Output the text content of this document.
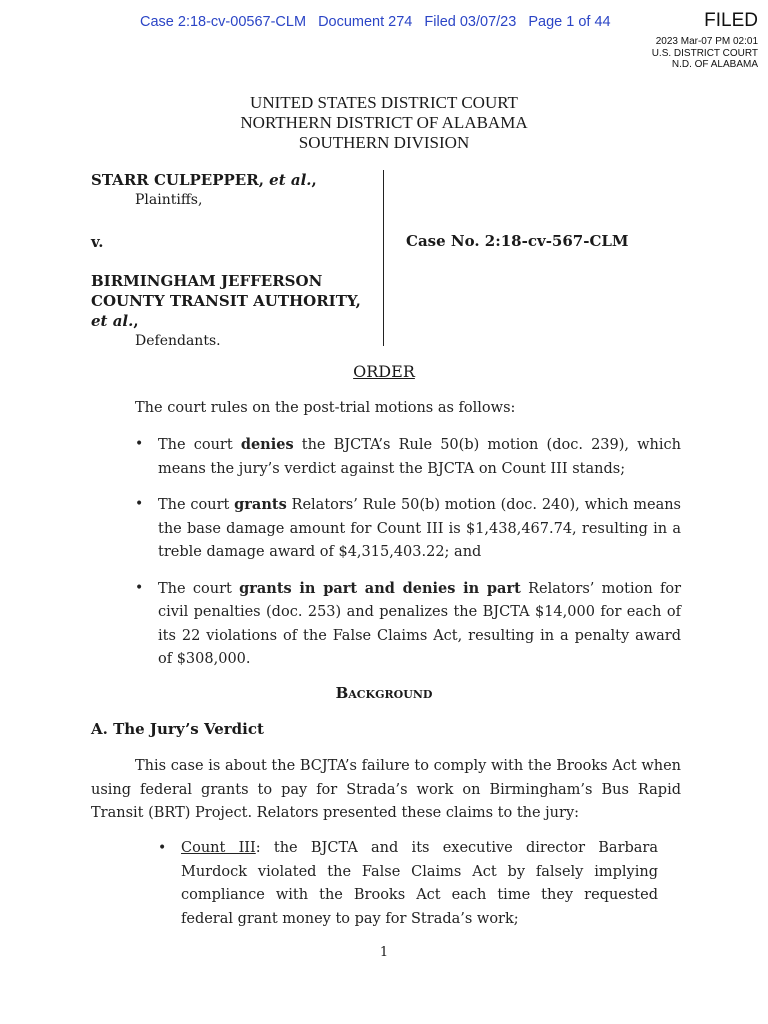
Case 2:18-cv-00567-CLM Document 274 Filed 03/07/23 Page 1 of 44	FILED
2023 Mar-07 PM 02:01
U.S. DISTRICT COURT
N.D. OF ALABAMA
UNITED STATES DISTRICT COURT
NORTHERN DISTRICT OF ALABAMA
SOUTHERN DIVISION
STARR CULPEPPER, et al.,
Plaintiffs,
v.
BIRMINGHAM JEFFERSON
COUNTY TRANSIT AUTHORITY,
et al.,
Defendants.
Case No. 2:18-cv-567-CLM
ORDER
The court rules on the post-trial motions as follows:
• The court denies the BJCTA’s Rule 50(b) motion (doc. 239), which means the jury’s verdict against the BJCTA on Count III stands;
• The court grants Relators’ Rule 50(b) motion (doc. 240), which means the base damage amount for Count III is $1,438,467.74, resulting in a treble damage award of $4,315,403.22; and
• The court grants in part and denies in part Relators’ motion for civil penalties (doc. 253) and penalizes the BJCTA $14,000 for each of its 22 violations of the False Claims Act, resulting in a penalty award of $308,000.
Background
A. The Jury’s Verdict
This case is about the BCJTA’s failure to comply with the Brooks Act when using federal grants to pay for Strada’s work on Birmingham’s Bus Rapid Transit (BRT) Project. Relators presented these claims to the jury:
• Count III: the BJCTA and its executive director Barbara Murdock violated the False Claims Act by falsely implying compliance with the Brooks Act each time they requested federal grant money to pay for Strada’s work;
1
